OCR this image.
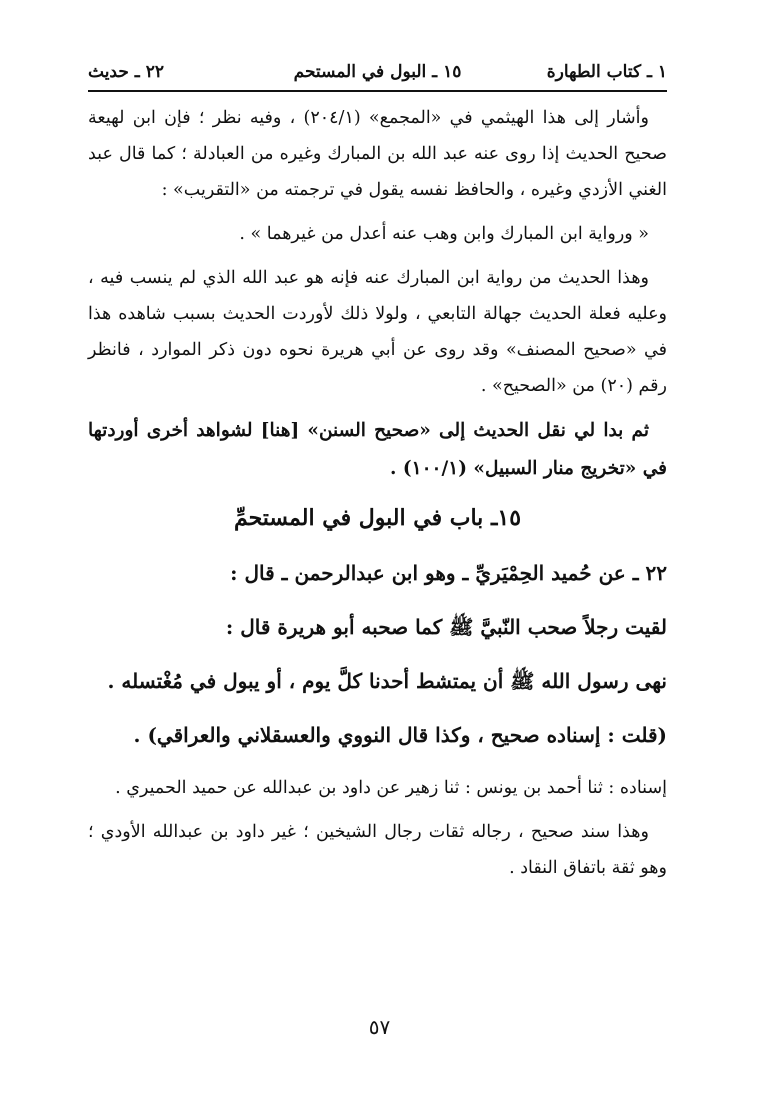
١ ـ كتاب الطهارة
١٥ ـ البول في المستحم
٢٢ ـ حديث

وأشار إلى هذا الهيثمي في «المجمع» (٢٠٤/١) ، وفيه نظر ؛ فإن ابن لهيعة صحيح الحديث إذا روى عنه عبد الله بن المبارك وغيره من العبادلة ؛ كما قال عبد الغني الأزدي وغيره ، والحافظ نفسه يقول في ترجمته من «التقريب» :

« ورواية ابن المبارك وابن وهب عنه أعدل من غيرهما » .

وهذا الحديث من رواية ابن المبارك عنه فإنه هو عبد الله الذي لم ينسب فيه ، وعليه فعلة الحديث جهالة التابعي ، ولولا ذلك لأوردت الحديث بسبب شاهده هذا في «صحيح المصنف» وقد روى عن أبي هريرة نحوه دون ذكر الموارد ، فانظر رقم (٢٠) من «الصحيح» .

ثم بدا لي نقل الحديث إلى «صحيح السنن» [هنا] لشواهد أخرى أوردتها في «تخريج منار السبيل» (١٠٠/١) .

١٥ـ باب في البول في المستحمِّ

٢٢ ـ عن حُميد الحِمْيَريِّ ـ وهو ابن عبدالرحمن ـ قال :

لقيت رجلاً صحب النّبيَّ ﷺ كما صحبه أبو هريرة قال :

نهى رسول الله ﷺ أن يمتشط أحدنا كلَّ يوم ، أو يبول في مُغْتسله .

(قلت : إسناده صحيح ، وكذا قال النووي والعسقلاني والعراقي) .

إسناده : ثنا أحمد بن يونس : ثنا زهير عن داود بن عبدالله عن حميد الحميري .

وهذا سند صحيح ، رجاله ثقات رجال الشيخين ؛ غير داود بن عبدالله الأودي ؛ وهو ثقة باتفاق النقاد .

٥٧
